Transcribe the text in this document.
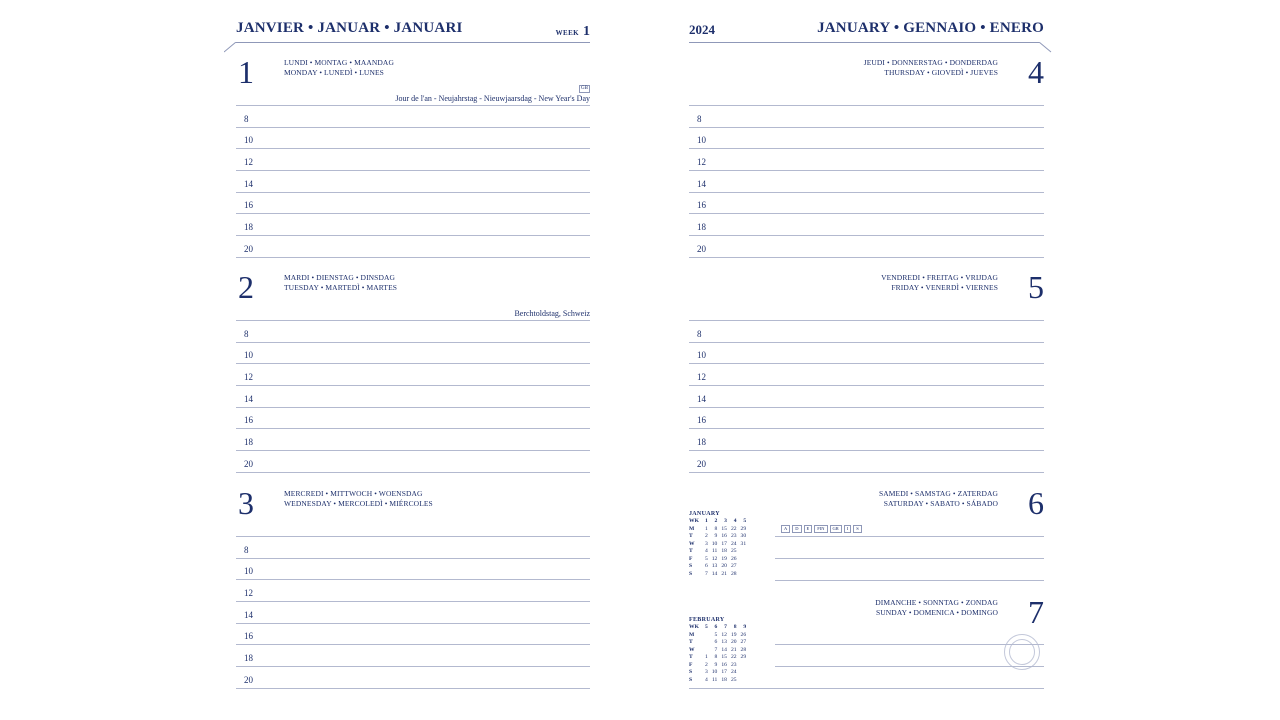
JANVIER • JANUAR • JANUARI	WEEK 1
1	LUNDI • MONTAG • MAANDAG
MONDAY • LUNEDÌ • LUNES
GB
Jour de l'an - Neujahrstag - Nieuwjaarsdag - New Year's Day
8
10
12
14
16
18
20
2	MARDI • DIENSTAG • DINSDAG
TUESDAY • MARTEDÌ • MARTES
Berchtoldstag, Schweiz
8
10
12
14
16
18
20
3	MERCREDI • MITTWOCH • WOENSDAG
WEDNESDAY • MERCOLEDÌ • MIÉRCOLES
8
10
12
14
16
18
20
2024	JANUARY • GENNAIO • ENERO
4
JEUDI • DONNERSTAG • DONDERDAG
THURSDAY • GIOVEDÌ • JUEVES
8
10
12
14
16
18
20
5
VENDREDI • FREITAG • VRIJDAG
FRIDAY • VENERDÌ • VIERNES
8
10
12
14
16
18
20
6
SAMEDI • SAMSTAG • ZATERDAG
SATURDAY • SABATO • SÁBADO
JANUARY
WK	1	2	3	4	5
M	1	8	15	22	29
T	2	9	16	23	30
W	3	10	17	24	31
T	4	11	18	25	
F	5	12	19	26	
S	6	13	20	27	
S	7	14	21	28	
A	D	E	FIN	GR	I	S
7
DIMANCHE • SONNTAG • ZONDAG
SUNDAY • DOMENICA • DOMINGO
FEBRUARY
WK	5	6	7	8	9
M		5	12	19	26
T		6	13	20	27
W		7	14	21	28
T	1	8	15	22	29
F	2	9	16	23	
S	3	10	17	24	
S	4	11	18	25	
